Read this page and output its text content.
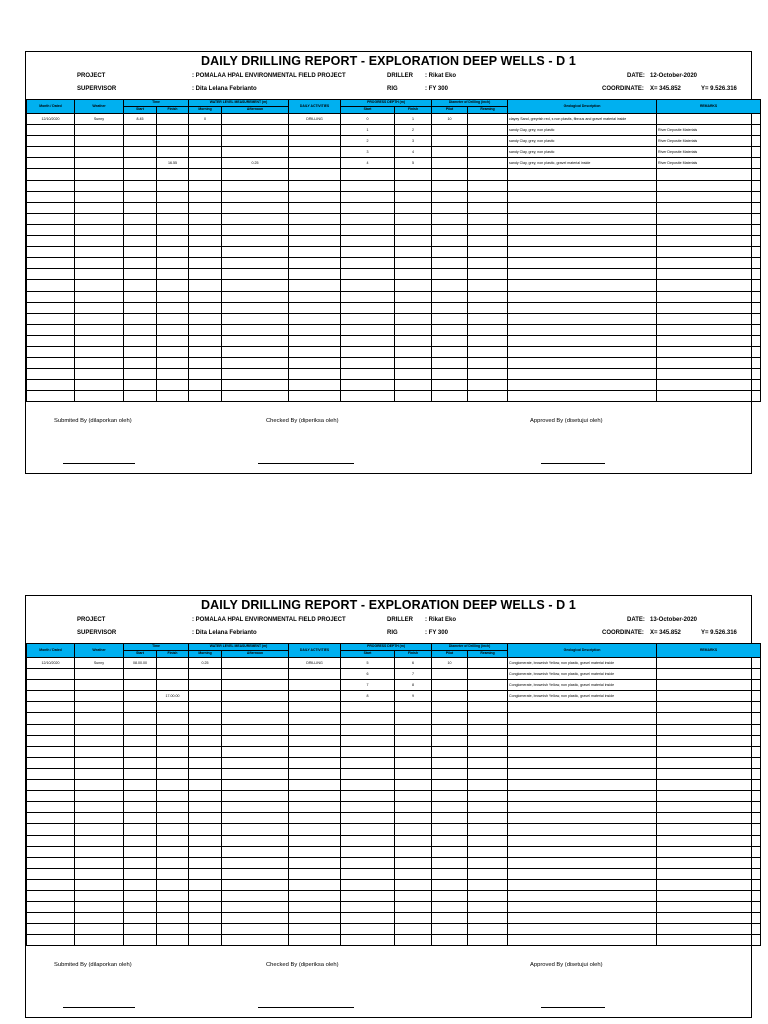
DAILY DRILLING REPORT - EXPLORATION DEEP WELLS - D 1
PROJECT	: POMALAA HPAL ENVIRONMENTAL FIELD PROJECT
SUPERVISOR	: Dita Lelana Febrianto
DRILLER : Rikat Eko
RIG	: FY 300
DATE: 12-October-2020
COORDINATE: X= 345.852	Y= 9.526.316
Month / Dated	Weather	Time		WATER LEVEL MEASUREMENT (m)		DAILY ACTIVITIES	PROGRESS DEPTH (m)		Diameter of Drilling (inch)		Geological Description	REMARKS
		Start	Finish	Morning	Afternoon		Start	Finish	Pilot	Reaming		
12/10/2020	Sunny	8.45		0		DRILLING	0	1	10		clayey Sand, greyrish red, s non plastis, fibrous and gravel material inside	
							1	2			sandy Clay, grey, non plastic	River Deposite Materials
							2	3			sandy Clay, grey, non plastic	River Deposite Materials
							3	4			sandy Clay, grey, non plastic	River Deposite Materials
			16.55		0.25		4	5			sandy Clay, grey, non plastic, gravel material inside	River Deposite Materials

Submited By (dilaporkan oleh)	Checked By (diperiksa oleh)	Approved By (disetujui oleh)
DAILY DRILLING REPORT - EXPLORATION DEEP WELLS - D 1
PROJECT	: POMALAA HPAL ENVIRONMENTAL FIELD PROJECT
SUPERVISOR	: Dita Lelana Febrianto
DRILLER : Rikat Eko
RIG	: FY 300
DATE: 13-October-2020
COORDINATE: X= 345.852	Y= 9.526.316
Month / Dated	Weather	Time		WATER LEVEL MEASUREMENT (m)		DAILY ACTIVITIES	PROGRESS DEPTH (m)		Diameter of Drilling (inch)		Geological Description	REMARKS
		Start	Finish	Morning	Afternoon		Start	Finish	Pilot	Reaming		
12/10/2020	Sunny	08.00.00		0.25		DRILLING	5	6	10		Conglomerate, brownish Yellow, non plastic, gravel material inside	
							6	7			Conglomerate, brownish Yellow, non plastic, gravel material inside	
							7	8			Conglomerate, brownish Yellow, non plastic, gravel material inside	
			17.00.00				8	9			Conglomerate, brownish Yellow, non plastic, gravel material inside	

Submited By (dilaporkan oleh)	Checked By (diperiksa oleh)	Approved By (disetujui oleh)
